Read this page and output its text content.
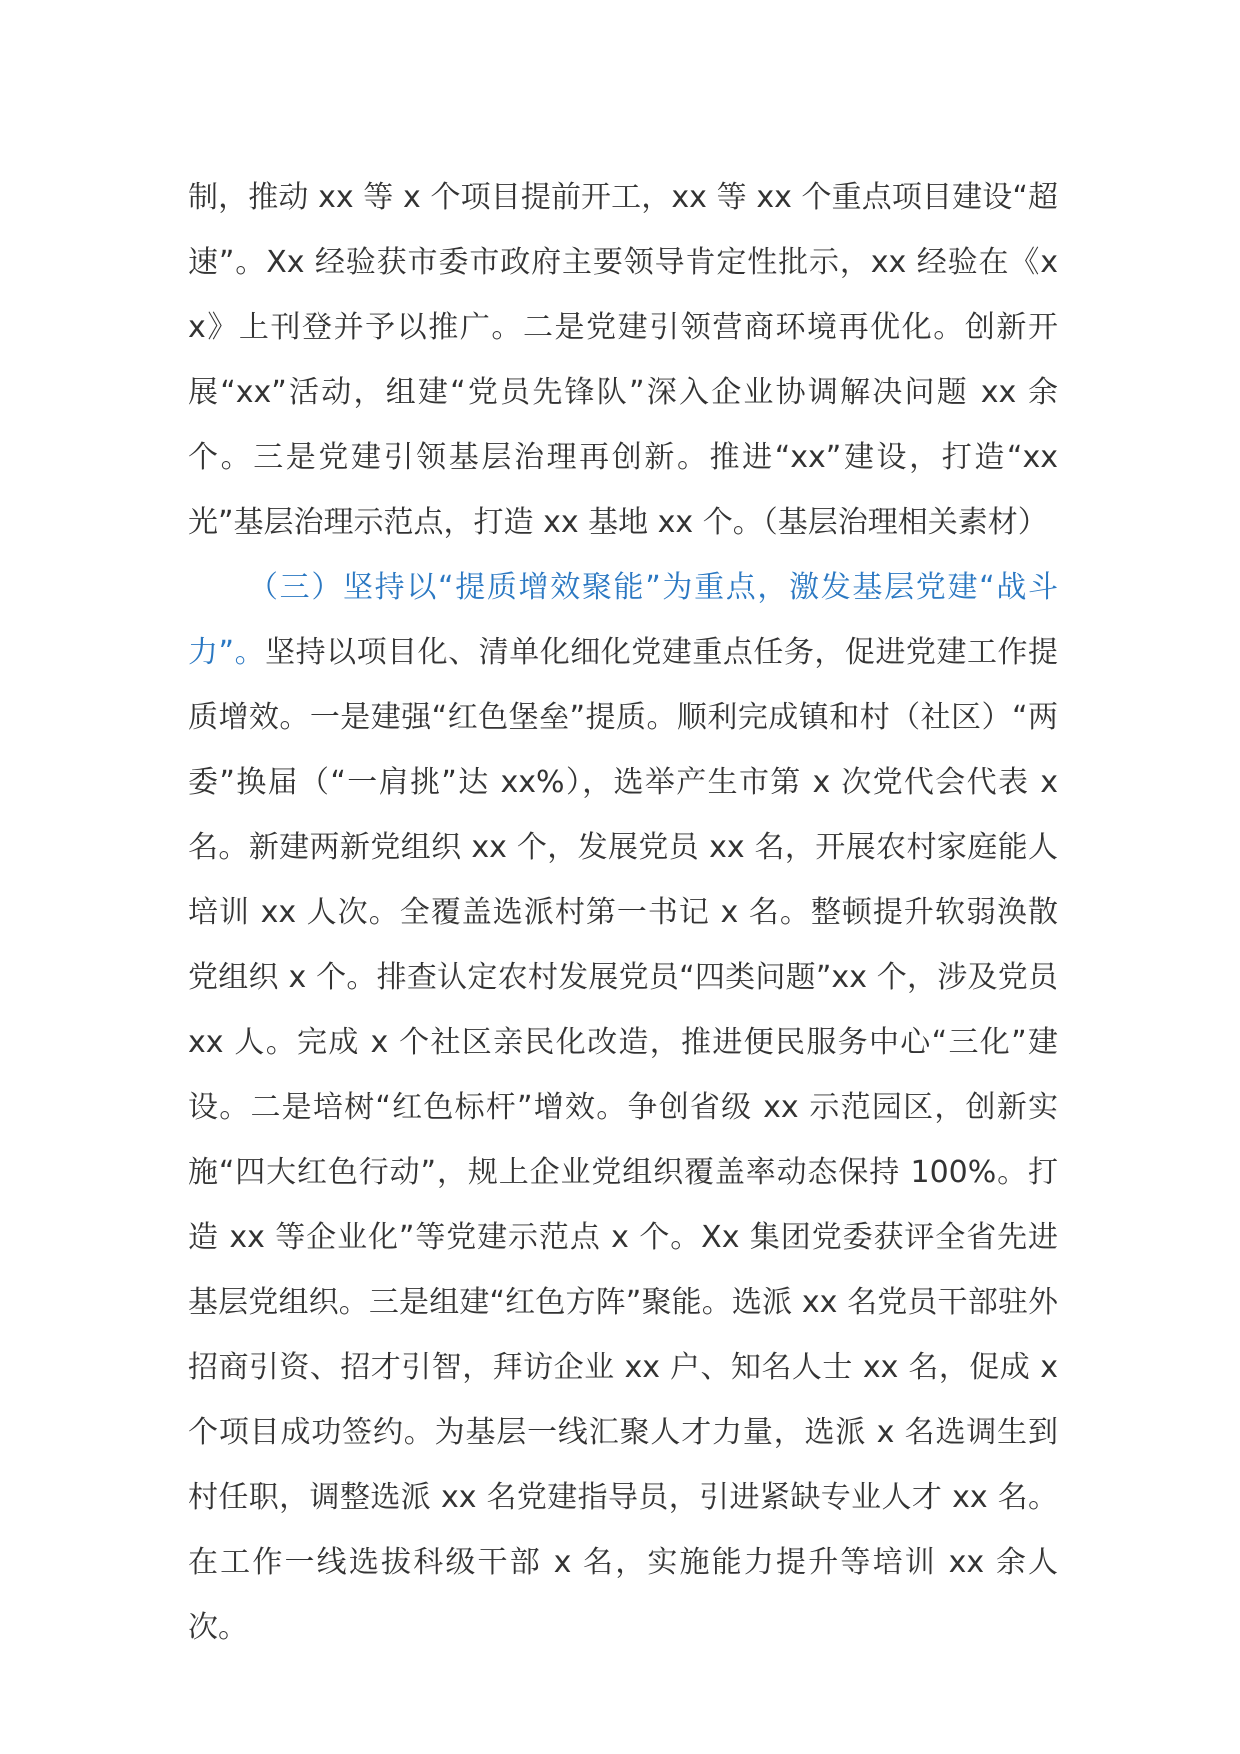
制，推动 xx 等 x 个项目提前开工，xx 等 xx 个重点项目建设“超速”。Xx 经验获市委市政府主要领导肯定性批示，xx 经验在《xx》上刊登并予以推广。二是党建引领营商环境再优化。创新开展“xx”活动，组建“党员先锋队”深入企业协调解决问题 xx 余个。三是党建引领基层治理再创新。推进“xx”建设，打造“xx 光”基层治理示范点，打造 xx 基地 xx 个。（基层治理相关素材）

（三）坚持以“提质增效聚能”为重点，激发基层党建“战斗力”。坚持以项目化、清单化细化党建重点任务，促进党建工作提质增效。一是建强“红色堡垒”提质。顺利完成镇和村（社区）“两委”换届（“一肩挑”达 xx%），选举产生市第 x 次党代会代表 x 名。新建两新党组织 xx 个，发展党员 xx 名，开展农村家庭能人培训 xx 人次。全覆盖选派村第一书记 x 名。整顿提升软弱涣散党组织 x 个。排查认定农村发展党员“四类问题”xx 个，涉及党员 xx 人。完成 x 个社区亲民化改造，推进便民服务中心“三化”建设。二是培树“红色标杆”增效。争创省级 xx 示范园区，创新实施“四大红色行动”，规上企业党组织覆盖率动态保持 100%。打造 xx 等企业化”等党建示范点 x 个。Xx 集团党委获评全省先进基层党组织。三是组建“红色方阵”聚能。选派 xx 名党员干部驻外招商引资、招才引智，拜访企业 xx 户、知名人士 xx 名，促成 x 个项目成功签约。为基层一线汇聚人才力量，选派 x 名选调生到村任职，调整选派 xx 名党建指导员，引进紧缺专业人才 xx 名。在工作一线选拔科级干部 x 名，实施能力提升等培训 xx 余人次。
